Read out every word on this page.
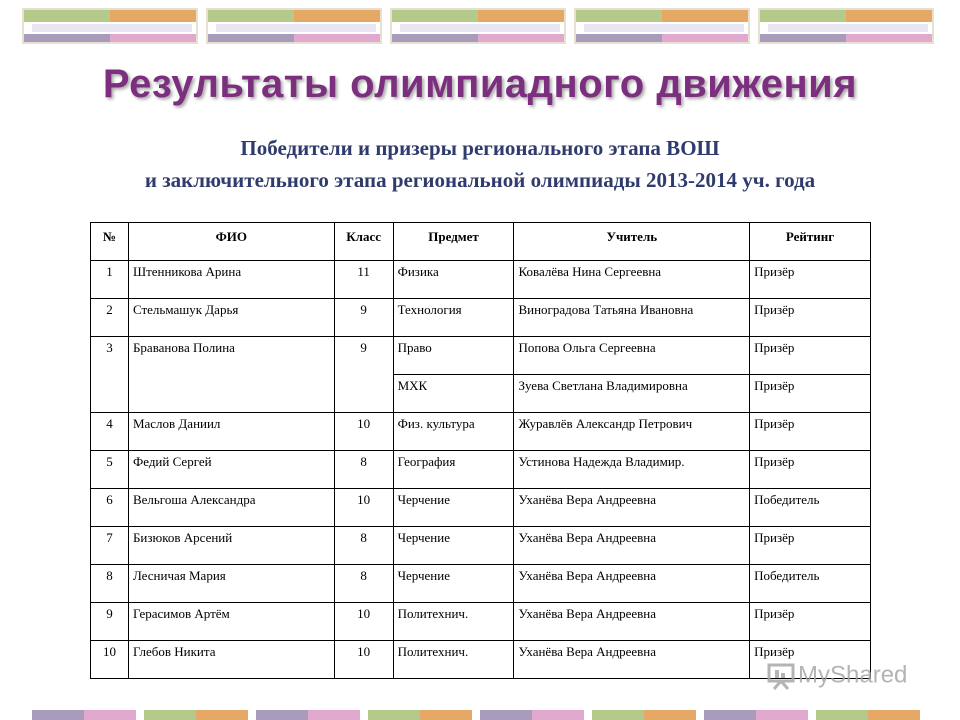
Результаты олимпиадного движения
Победители и призеры регионального этапа ВОШ
и заключительного этапа региональной олимпиады 2013-2014 уч. года
№	ФИО	Класс	Предмет	Учитель	Рейтинг
1	Штенникова Арина	11	Физика	Ковалёва Нина Сергеевна	Призёр
2	Стельмашук Дарья	9	Технология	Виноградова Татьяна Ивановна	Призёр
3	Бравановa Полина	9	Право	Попова Ольга Сергеевна	Призёр
			МХК	Зуева Светлана Владимировна	Призёр
4	Маслов Даниил	10	Физ. культура	Журавлёв Александр Петрович	Призёр
5	Федий Сергей	8	География	Устинова Надежда Владимир.	Призёр
6	Вельгоша Александра	10	Черчение	Уханёва Вера Андреевна	Победитель
7	Бизюков Арсений	8	Черчение	Уханёва Вера Андреевна	Призёр
8	Лесничая Мария	8	Черчение	Уханёва Вера Андреевна	Победитель
9	Герасимов Артём	10	Политехнич.	Уханёва Вера Андреевна	Призёр
10	Глебов Никита	10	Политехнич.	Уханёва Вера Андреевна	Призёр
MyShared
